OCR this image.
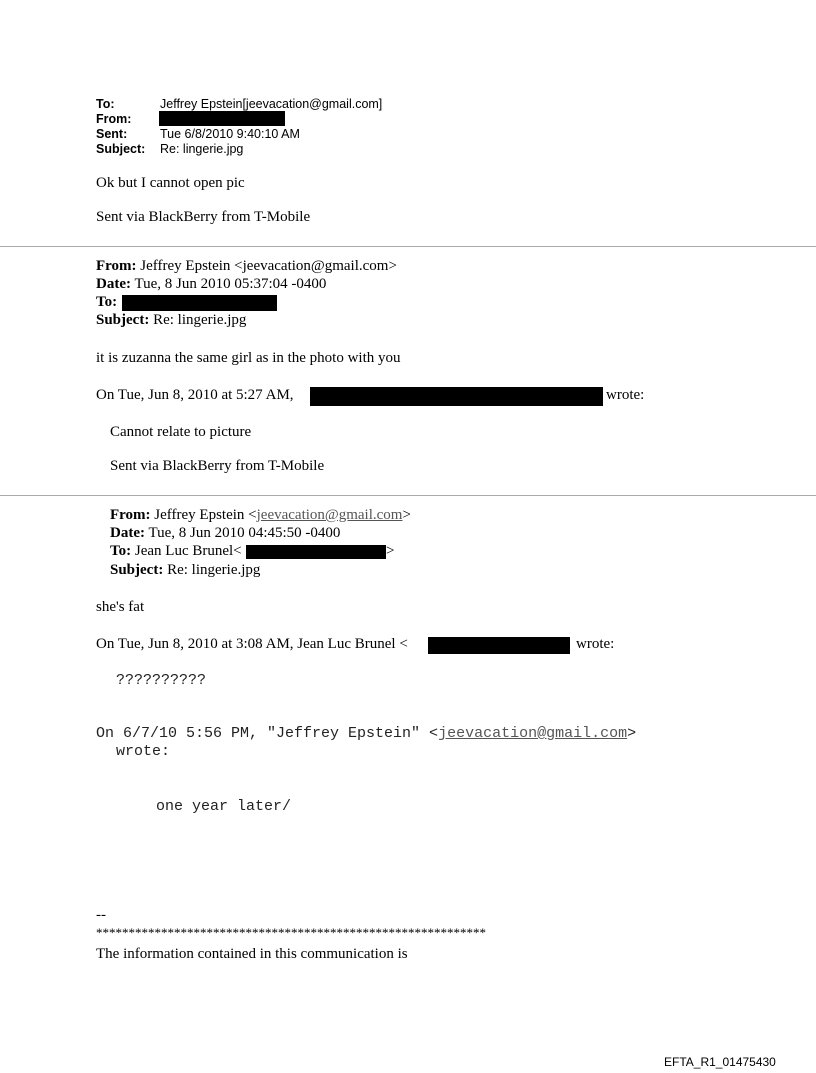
To:	Jeffrey Epstein[jeevacation@gmail.com]
From:
Sent:	Tue 6/8/2010 9:40:10 AM
Subject: Re: lingerie.jpg
Ok but I cannot open pic
Sent via BlackBerry from T-Mobile
From: Jeffrey Epstein <jeevacation@gmail.com>
Date: Tue, 8 Jun 2010 05:37:04 -0400
To:
Subject: Re: lingerie.jpg
it is zuzanna the same girl as in the photo with you
On Tue, Jun 8, 2010 at 5:27 AM,	wrote:
Cannot relate to picture
Sent via BlackBerry from T-Mobile
From: Jeffrey Epstein <jeevacation@gmail.com>
Date: Tue, 8 Jun 2010 04:45:50 -0400
To: Jean Luc Brunel<	>
Subject: Re: lingerie.jpg
she's fat
On Tue, Jun 8, 2010 at 3:08 AM, Jean Luc Brunel <	wrote:
??????????
On 6/7/10 5:56 PM, "Jeffrey Epstein" <jeevacation@gmail.com>
wrote:
one year later/
--
************************************************************
The information contained in this communication is
EFTA_R1_01475430
